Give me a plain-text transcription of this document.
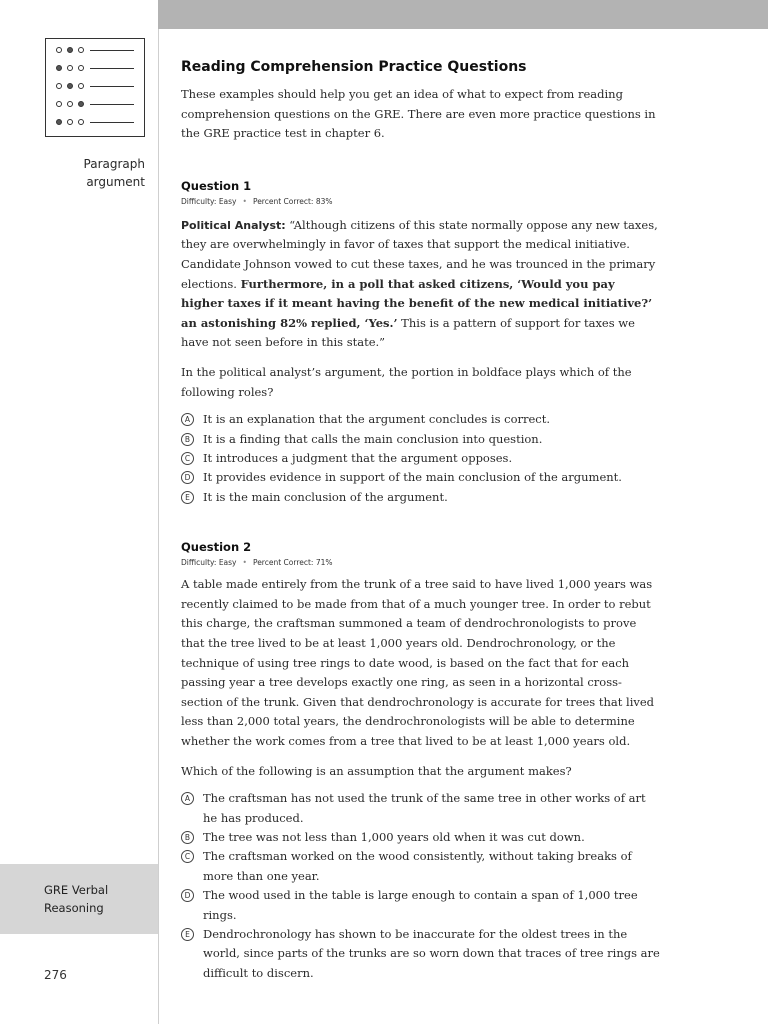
Paragraph
argument
GRE Verbal
Reasoning
276
Reading Comprehension Practice Questions

These examples should help you get an idea of what to expect from reading comprehension questions on the GRE. There are even more practice questions in the GRE practice test in chapter 6.

Question 1
Difficulty: Easy • Percent Correct: 83%

Political Analyst: “Although citizens of this state normally oppose any new taxes, they are overwhelmingly in favor of taxes that support the medical initiative. Candidate Johnson vowed to cut these taxes, and he was trounced in the primary elections. Furthermore, in a poll that asked citizens, ‘Would you pay higher taxes if it meant having the benefit of the new medical initiative?’ an astonishing 82% replied, ‘Yes.’ This is a pattern of support for taxes we have not seen before in this state.”

In the political analyst’s argument, the portion in boldface plays which of the following roles?

A	It is an explanation that the argument concludes is correct.
B	It is a finding that calls the main conclusion into question.
C	It introduces a judgment that the argument opposes.
D	It provides evidence in support of the main conclusion of the argument.
E	It is the main conclusion of the argument.
Question 2
Difficulty: Easy • Percent Correct: 71%

A table made entirely from the trunk of a tree said to have lived 1,000 years was recently claimed to be made from that of a much younger tree. In order to rebut this charge, the craftsman summoned a team of dendrochronologists to prove that the tree lived to be at least 1,000 years old. Dendrochronology, or the technique of using tree rings to date wood, is based on the fact that for each passing year a tree develops exactly one ring, as seen in a horizontal cross-section of the trunk. Given that dendrochronology is accurate for trees that lived less than 2,000 total years, the dendrochronologists will be able to determine whether the work comes from a tree that lived to be at least 1,000 years old.

Which of the following is an assumption that the argument makes?

A	The craftsman has not used the trunk of the same tree in other works of art he has produced.
B	The tree was not less than 1,000 years old when it was cut down.
C	The craftsman worked on the wood consistently, without taking breaks of more than one year.
D	The wood used in the table is large enough to contain a span of 1,000 tree rings.
E	Dendrochronology has shown to be inaccurate for the oldest trees in the world, since parts of the trunks are so worn down that traces of tree rings are difficult to discern.
